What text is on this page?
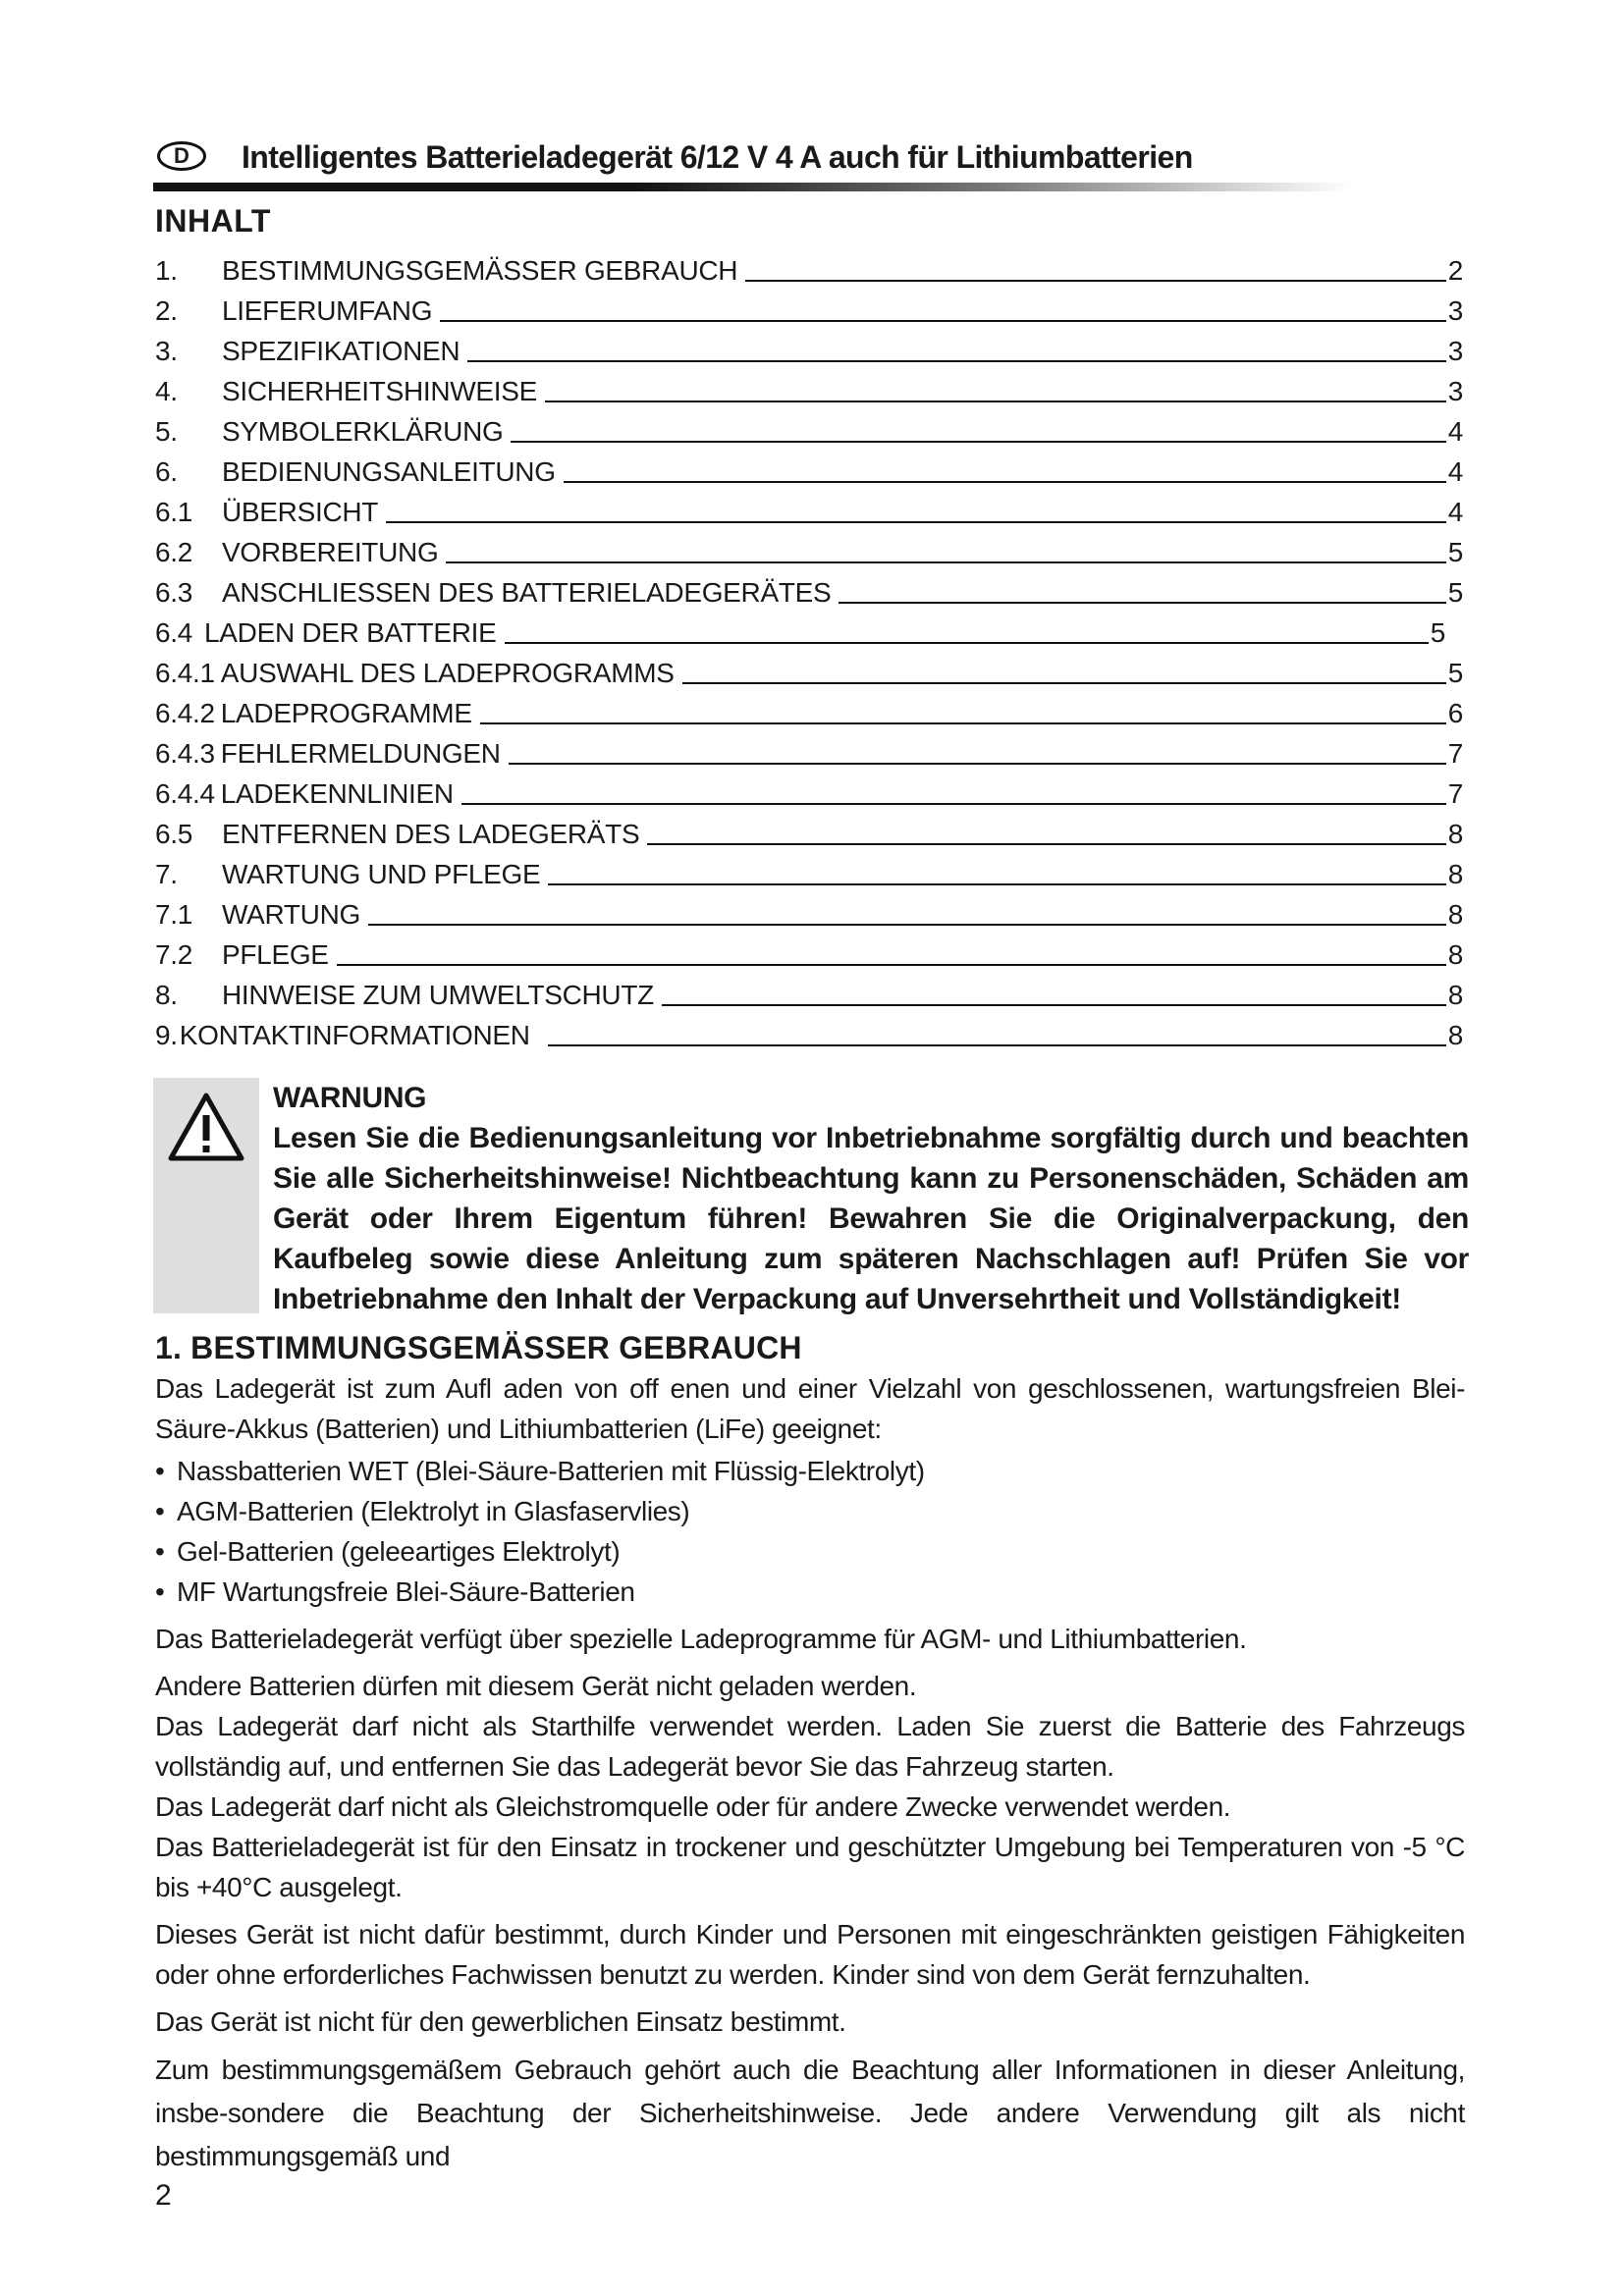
D Intelligentes Batterieladegerät 6/12 V 4 A auch für Lithiumbatterien
INHALT
1.	BESTIMMUNGSGEMÄSSER GEBRAUCH	2
2.	LIEFERUMFANG	3
3.	SPEZIFIKATIONEN	3
4.	SICHERHEITSHINWEISE	3
5.	SYMBOLERKLÄRUNG	4
6.	BEDIENUNGSANLEITUNG	4
6.1	ÜBERSICHT	4
6.2	VORBEREITUNG	5
6.3	ANSCHLIESSEN DES BATTERIELADEGERÄTES	5
6.4 LADEN DER BATTERIE	5
6.4.1 AUSWAHL DES LADEPROGRAMMS	5
6.4.2 LADEPROGRAMME	6
6.4.3 FEHLERMELDUNGEN	7
6.4.4 LADEKENNLINIEN	7
6.5	ENTFERNEN DES LADEGERÄTS	8
7.	WARTUNG UND PFLEGE	8
7.1	WARTUNG	8
7.2	PFLEGE	8
8.	HINWEISE ZUM UMWELTSCHUTZ	8
9. KONTAKTINFORMATIONEN	8
WARNUNG
Lesen Sie die Bedienungsanleitung vor Inbetriebnahme sorgfältig durch und beachten Sie alle Sicherheitshinweise! Nichtbeachtung kann zu Personenschäden, Schäden am Gerät oder Ihrem Eigentum führen! Bewahren Sie die Originalverpackung, den Kaufbeleg sowie diese Anleitung zum späteren Nachschlagen auf! Prüfen Sie vor Inbetriebnahme den Inhalt der Verpackung auf Unversehrtheit und Vollständigkeit!
1. BESTIMMUNGSGEMÄSSER GEBRAUCH

Das Ladegerät ist zum Aufl aden von off enen und einer Vielzahl von geschlossenen, wartungsfreien Blei-Säure-Akkus (Batterien) und Lithiumbatterien (LiFe) geeignet:

• Nassbatterien WET (Blei-Säure-Batterien mit Flüssig-Elektrolyt)
• AGM-Batterien (Elektrolyt in Glasfaservlies)
• Gel-Batterien (geleeartiges Elektrolyt)
• MF Wartungsfreie Blei-Säure-Batterien

Das Batterieladegerät verfügt über spezielle Ladeprogramme für AGM- und Lithiumbatterien.

Andere Batterien dürfen mit diesem Gerät nicht geladen werden.

Das Ladegerät darf nicht als Starthilfe verwendet werden. Laden Sie zuerst die Batterie des Fahrzeugs vollständig auf, und entfernen Sie das Ladegerät bevor Sie das Fahrzeug starten.

Das Ladegerät darf nicht als Gleichstromquelle oder für andere Zwecke verwendet werden.

Das Batterieladegerät ist für den Einsatz in trockener und geschützter Umgebung bei Temperaturen von -5 °C bis +40°C ausgelegt.

Dieses Gerät ist nicht dafür bestimmt, durch Kinder und Personen mit eingeschränkten geistigen Fähigkeiten oder ohne erforderliches Fachwissen benutzt zu werden. Kinder sind von dem Gerät fernzuhalten.

Das Gerät ist nicht für den gewerblichen Einsatz bestimmt.

Zum bestimmungsgemäßem Gebrauch gehört auch die Beachtung aller Informationen in dieser Anleitung, insbe-sondere die Beachtung der Sicherheitshinweise. Jede andere Verwendung gilt als nicht bestimmungsgemäß und

2
